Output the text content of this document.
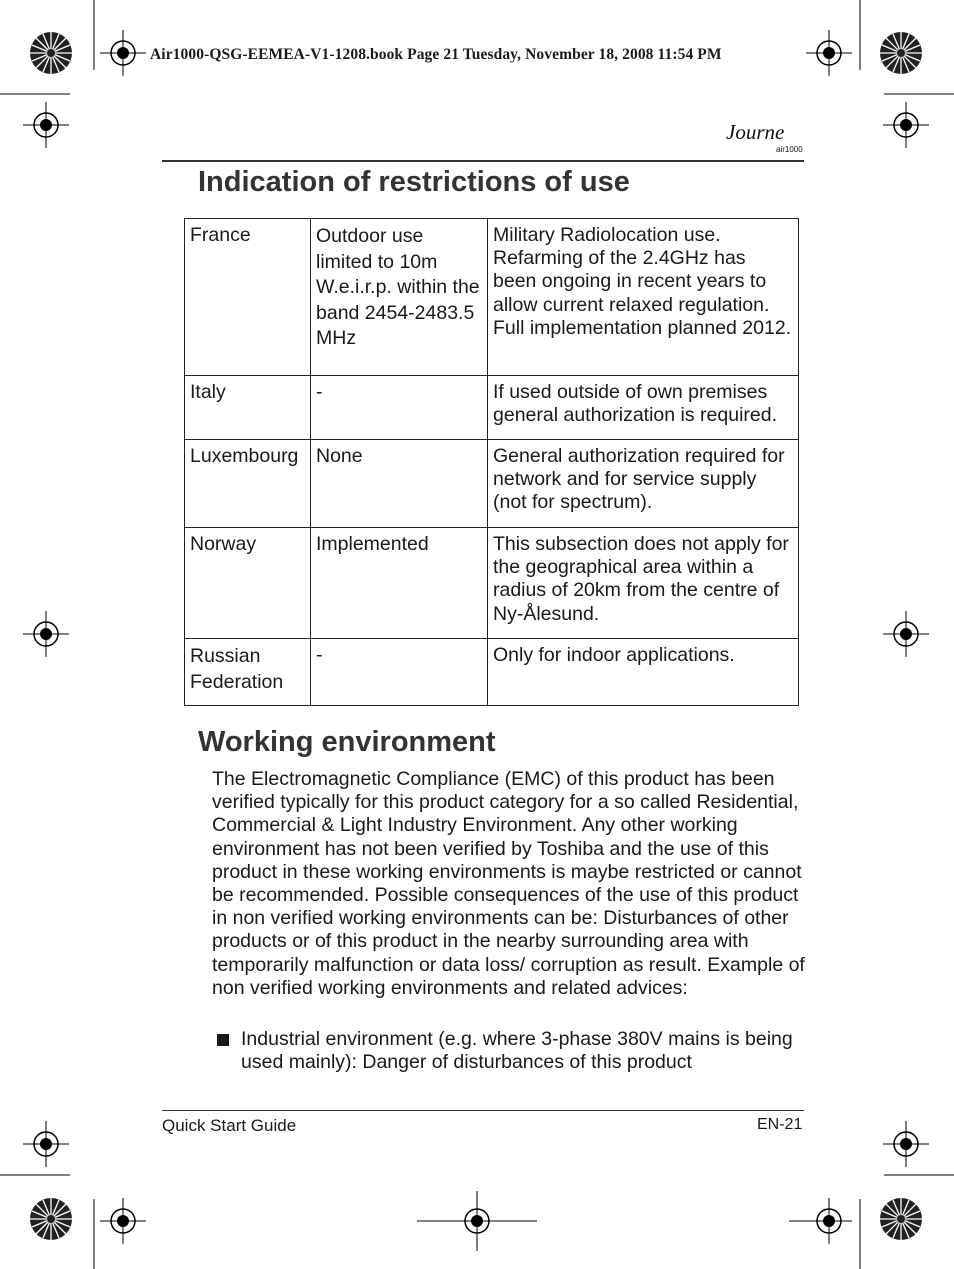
Air1000-QSG-EEMEA-V1-1208.book Page 21 Tuesday, November 18, 2008 11:54 PM
Journe
air1000
Indication of restrictions of use
France	Outdoor use limited to 10m W.e.i.r.p. within the band 2454-2483.5 MHz	Military Radiolocation use. Refarming of the 2.4GHz has been ongoing in recent years to allow current relaxed regulation. Full implementation planned 2012.
Italy	-	If used outside of own premises general authorization is required.
Luxembourg	None	General authorization required for network and for service supply (not for spectrum).
Norway	Implemented	This subsection does not apply for the geographical area within a radius of 20km from the centre of Ny-Ålesund.
Russian Federation	-	Only for indoor applications.
Working environment

The Electromagnetic Compliance (EMC) of this product has been verified typically for this product category for a so called Residential, Commercial & Light Industry Environment. Any other working environment has not been verified by Toshiba and the use of this product in these working environments is maybe restricted or cannot be recommended. Possible consequences of the use of this product in non verified working environments can be: Disturbances of other products or of this product in the nearby surrounding area with temporarily malfunction or data loss/ corruption as result. Example of non verified working environments and related advices:

Industrial environment (e.g. where 3-phase 380V mains is being used mainly): Danger of disturbances of this product
Quick Start Guide	EN-21
